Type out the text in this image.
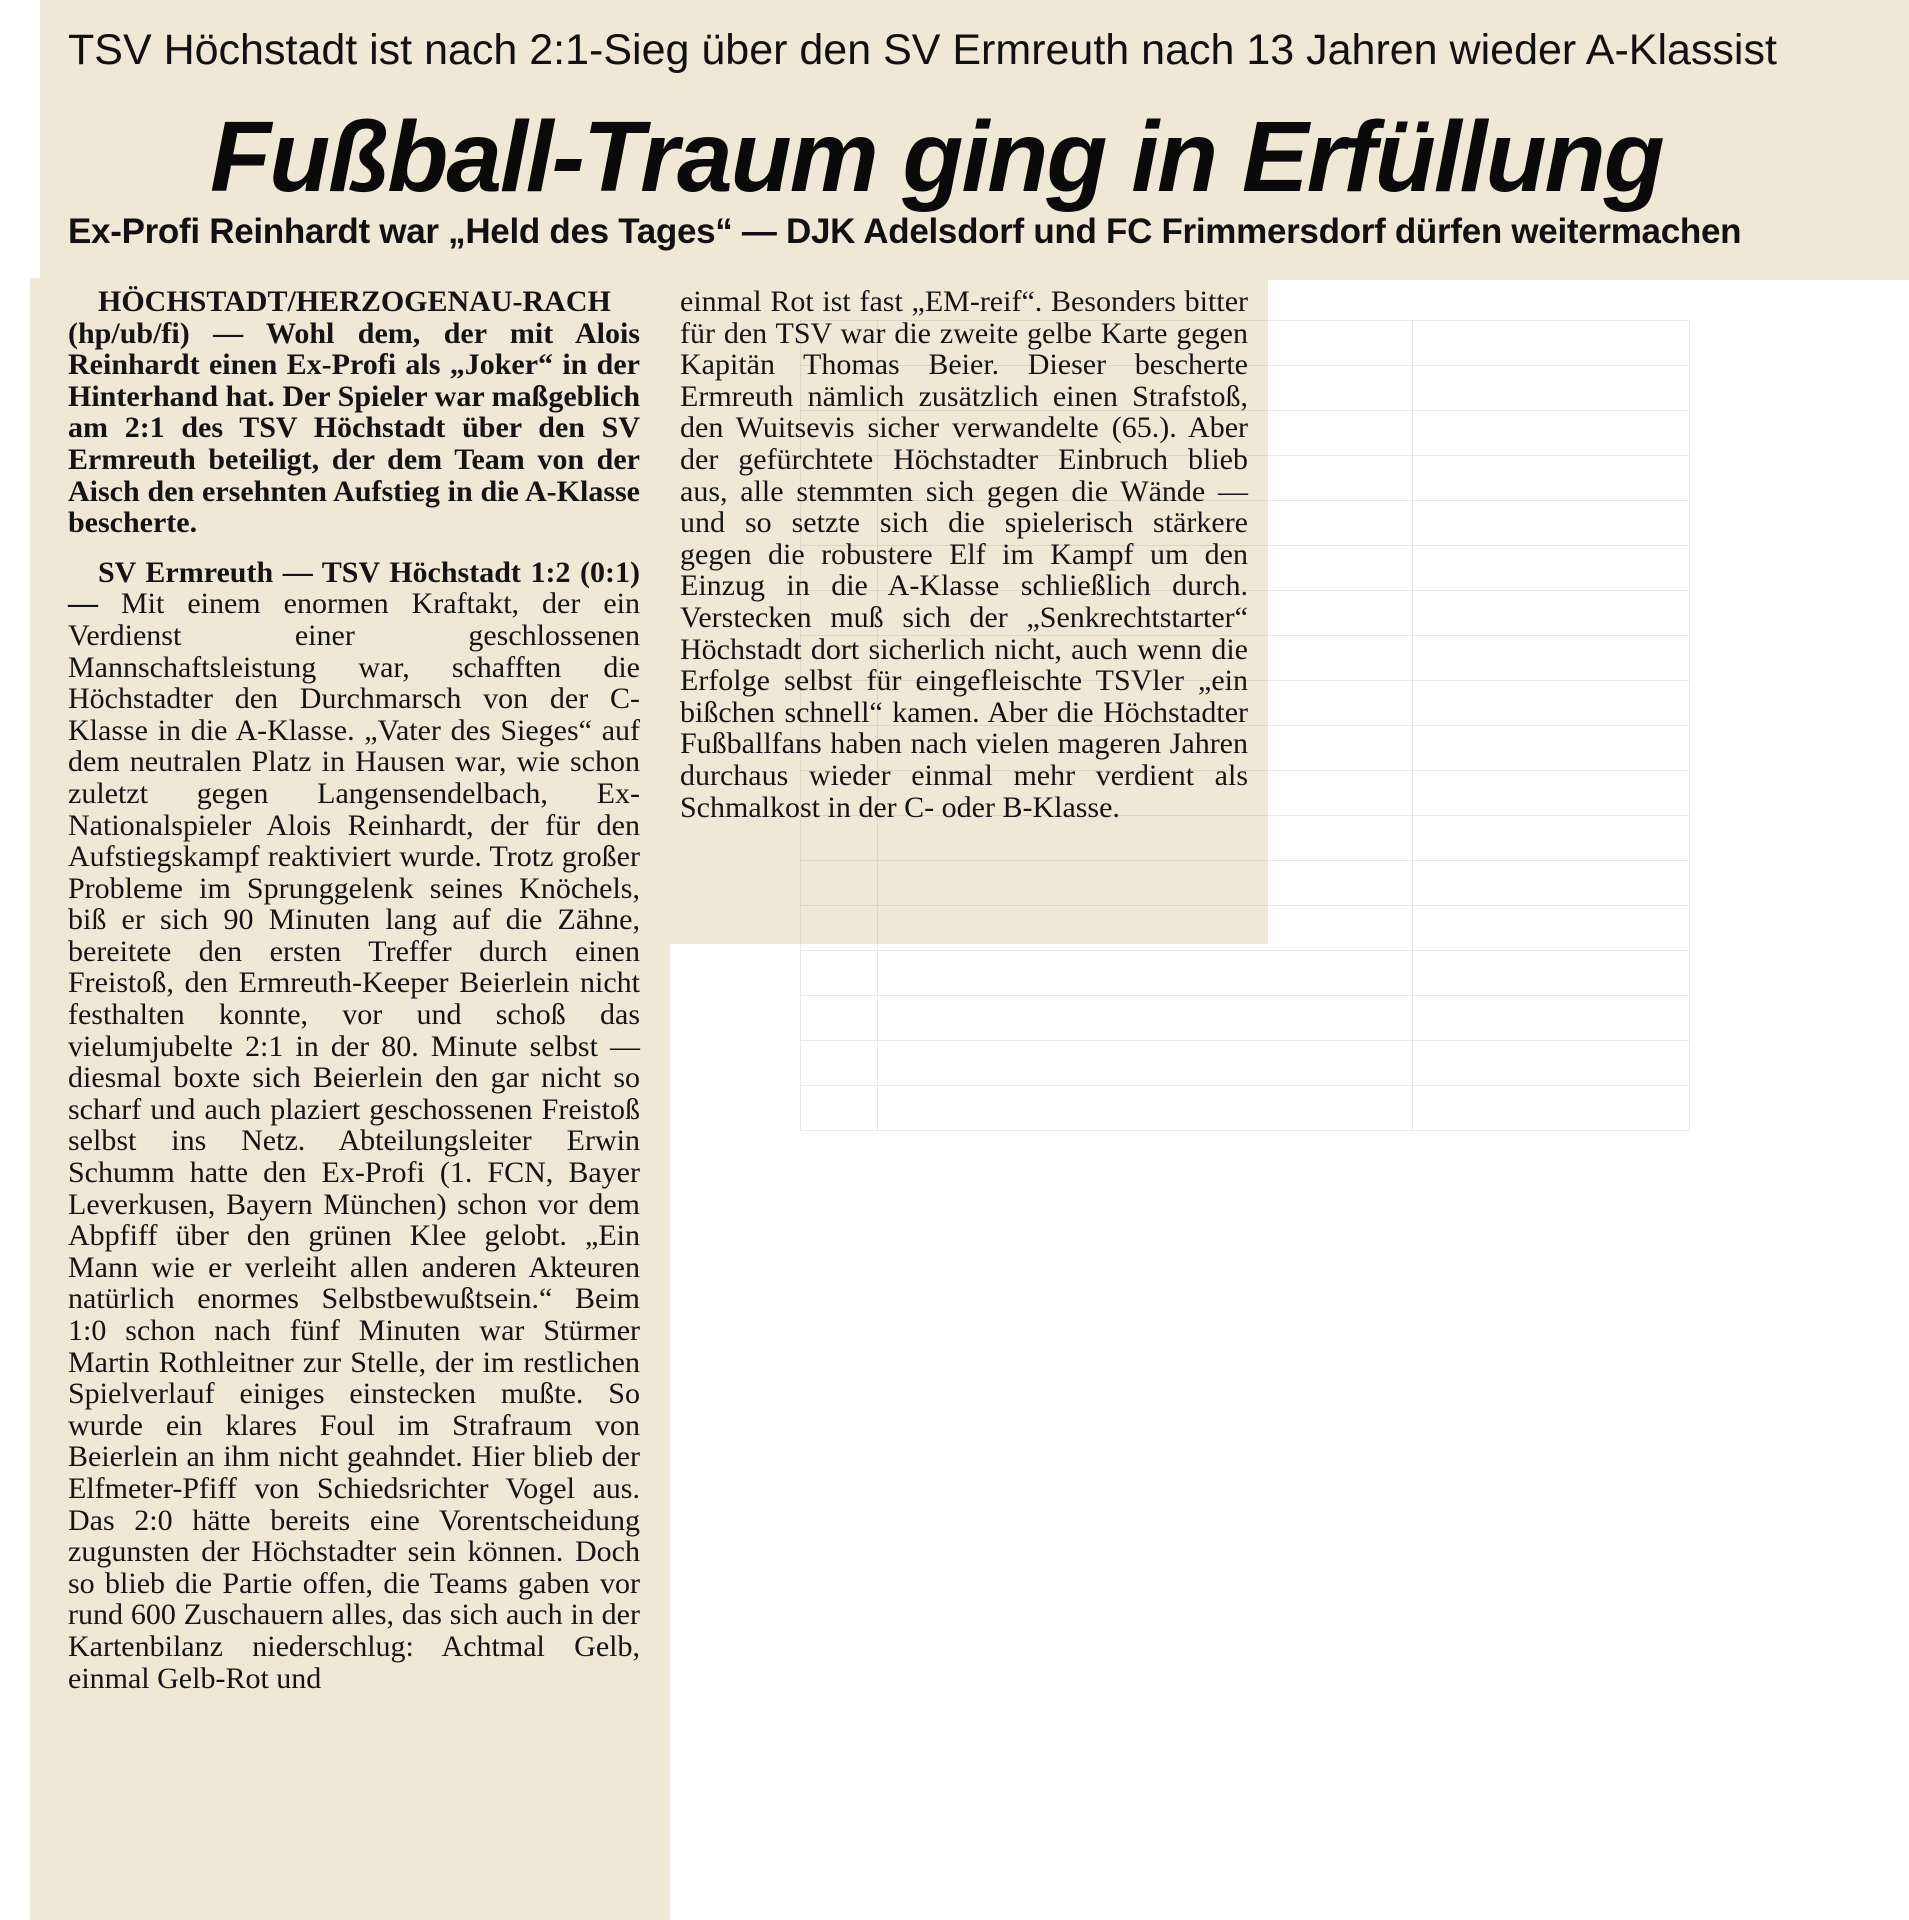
TSV Höchstadt ist nach 2:1-Sieg über den SV Ermreuth nach 13 Jahren wieder A-Klassist
Fußball-Traum ging in Erfüllung
Ex-Profi Reinhardt war „Held des Tages“ — DJK Adelsdorf und FC Frimmersdorf dürfen weitermachen

HÖCHSTADT/HERZOGENAU-RACH (hp/ub/fi) — Wohl dem, der mit Alois Reinhardt einen Ex-Profi als „Joker“ in der Hinterhand hat. Der Spieler war maßgeblich am 2:1 des TSV Höchstadt über den SV Ermreuth beteiligt, der dem Team von der Aisch den ersehnten Aufstieg in die A-Klasse bescherte.

SV Ermreuth — TSV Höchstadt 1:2 (0:1) — Mit einem enormen Kraftakt, der ein Verdienst einer geschlossenen Mannschaftsleistung war, schafften die Höchstadter den Durchmarsch von der C-Klasse in die A-Klasse. „Vater des Sieges“ auf dem neutralen Platz in Hausen war, wie schon zuletzt gegen Langensendelbach, Ex-Nationalspieler Alois Reinhardt, der für den Aufstiegskampf reaktiviert wurde. Trotz großer Probleme im Sprunggelenk seines Knöchels, biß er sich 90 Minuten lang auf die Zähne, bereitete den ersten Treffer durch einen Freistoß, den Ermreuth-Keeper Beierlein nicht festhalten konnte, vor und schoß das vielumjubelte 2:1 in der 80. Minute selbst — diesmal boxte sich Beierlein den gar nicht so scharf und auch plaziert geschossenen Freistoß selbst ins Netz. Abteilungsleiter Erwin Schumm hatte den Ex-Profi (1. FCN, Bayer Leverkusen, Bayern München) schon vor dem Abpfiff über den grünen Klee gelobt. „Ein Mann wie er verleiht allen anderen Akteuren natürlich enormes Selbstbewußtsein.“ Beim 1:0 schon nach fünf Minuten war Stürmer Martin Rothleitner zur Stelle, der im restlichen Spielverlauf einiges einstecken mußte. So wurde ein klares Foul im Strafraum von Beierlein an ihm nicht geahndet. Hier blieb der Elfmeter-Pfiff von Schiedsrichter Vogel aus. Das 2:0 hätte bereits eine Vorentscheidung zugunsten der Höchstadter sein können. Doch so blieb die Partie offen, die Teams gaben vor rund 600 Zuschauern alles, das sich auch in der Kartenbilanz niederschlug: Achtmal Gelb, einmal Gelb-Rot und

einmal Rot ist fast „EM-reif“. Besonders bitter für den TSV war die zweite gelbe Karte gegen Kapitän Thomas Beier. Dieser bescherte Ermreuth nämlich zusätzlich einen Strafstoß, den Wuitsevis sicher verwandelte (65.). Aber der gefürchtete Höchstadter Einbruch blieb aus, alle stemmten sich gegen die Wände — und so setzte sich die spielerisch stärkere gegen die robustere Elf im Kampf um den Einzug in die A-Klasse schließlich durch. Verstecken muß sich der „Senkrechtstarter“ Höchstadt dort sicherlich nicht, auch wenn die Erfolge selbst für eingefleischte TSVler „ein bißchen schnell“ kamen. Aber die Höchstadter Fußballfans haben nach vielen mageren Jahren durchaus wieder einmal mehr verdient als Schmalkost in der C- oder B-Klasse.
